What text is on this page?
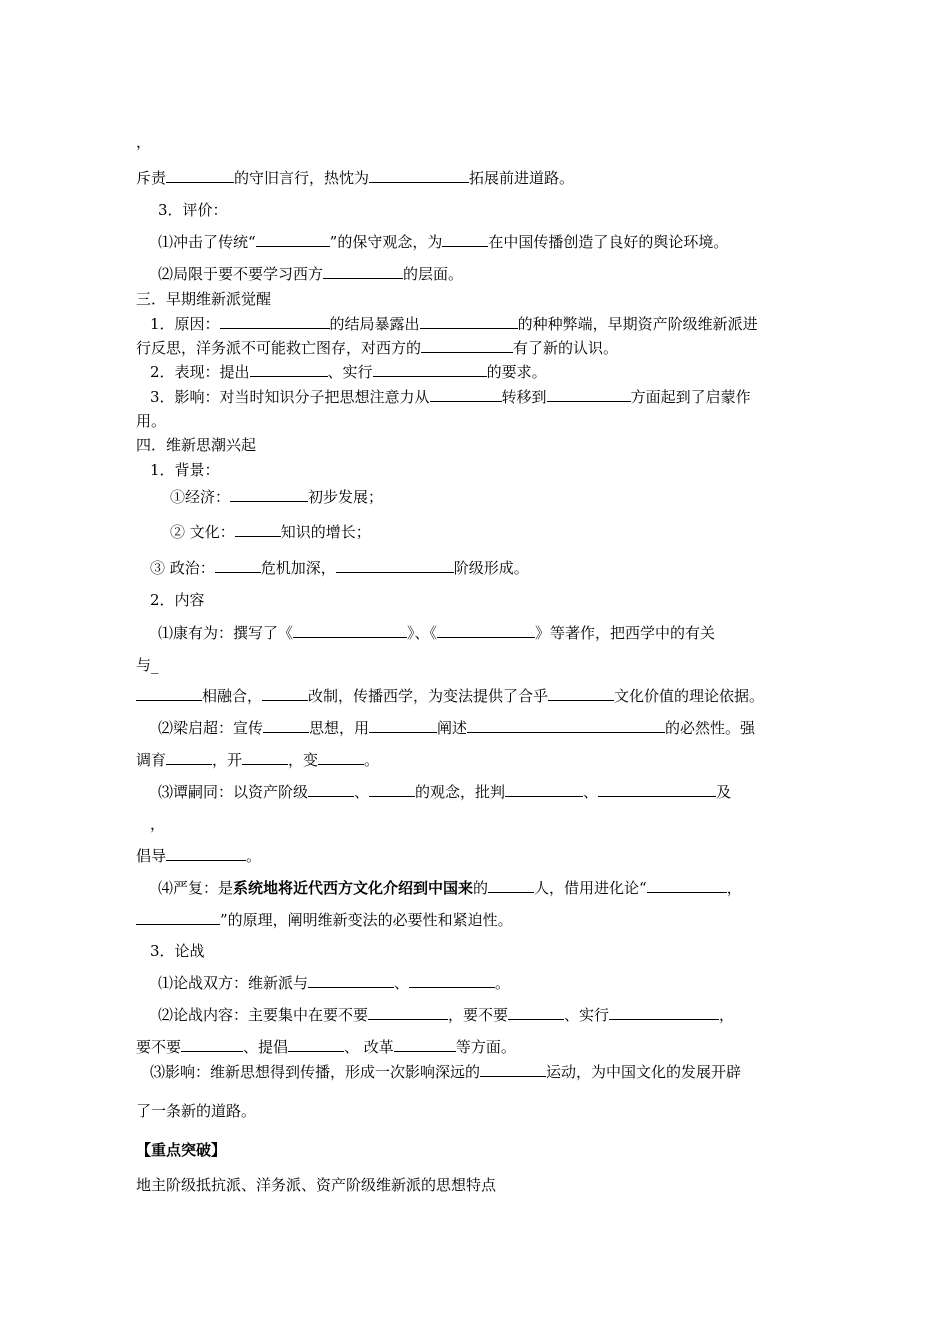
，
斥责	的守旧言行，热忱为	拓展前进道路。
3．评价：
⑴冲击了传统“	”的保守观念，为	在中国传播创造了良好的舆论环境。
⑵局限于要不要学习西方	的层面。
三．早期维新派觉醒
1．原因：	的结局暴露出	的种种弊端，早期资产阶级维新派进
行反思，洋务派不可能救亡图存，对西方的	有了新的认识。
2．表现：提出	、实行	的要求。
3．影响：对当时知识分子把思想注意力从	转移到	方面起到了启蒙作
用。
四．维新思潮兴起
1．背景：
①经济：	初步发展；
② 文化：	知识的增长；
③ 政治：	危机加深，	阶级形成。
2．内容
⑴康有为：撰写了《	》、《	》等著作，把西学中的有关
与_
相融合，	改制，传播西学，为变法提供了合乎	文化价值的理论依据。
⑵梁启超：宣传	思想，用	阐述	的必然性。强
调育	，开	，变	。
⑶谭嗣同：以资产阶级	、	的观念，批判	、	及
，
倡导	。
⑷严复：是系统地将近代西方文化介绍到中国来的	人，借用进化论“	，
”的原理，阐明维新变法的必要性和紧迫性。
3．论战
⑴论战双方：维新派与	、	。
⑵论战内容：主要集中在要不要	，要不要	、实行	，
要不要	、提倡	、 改革	等方面。
⑶影响：维新思想得到传播，形成一次影响深远的	运动，为中国文化的发展开辟
了一条新的道路。
【重点突破】
地主阶级抵抗派、洋务派、资产阶级维新派的思想特点
